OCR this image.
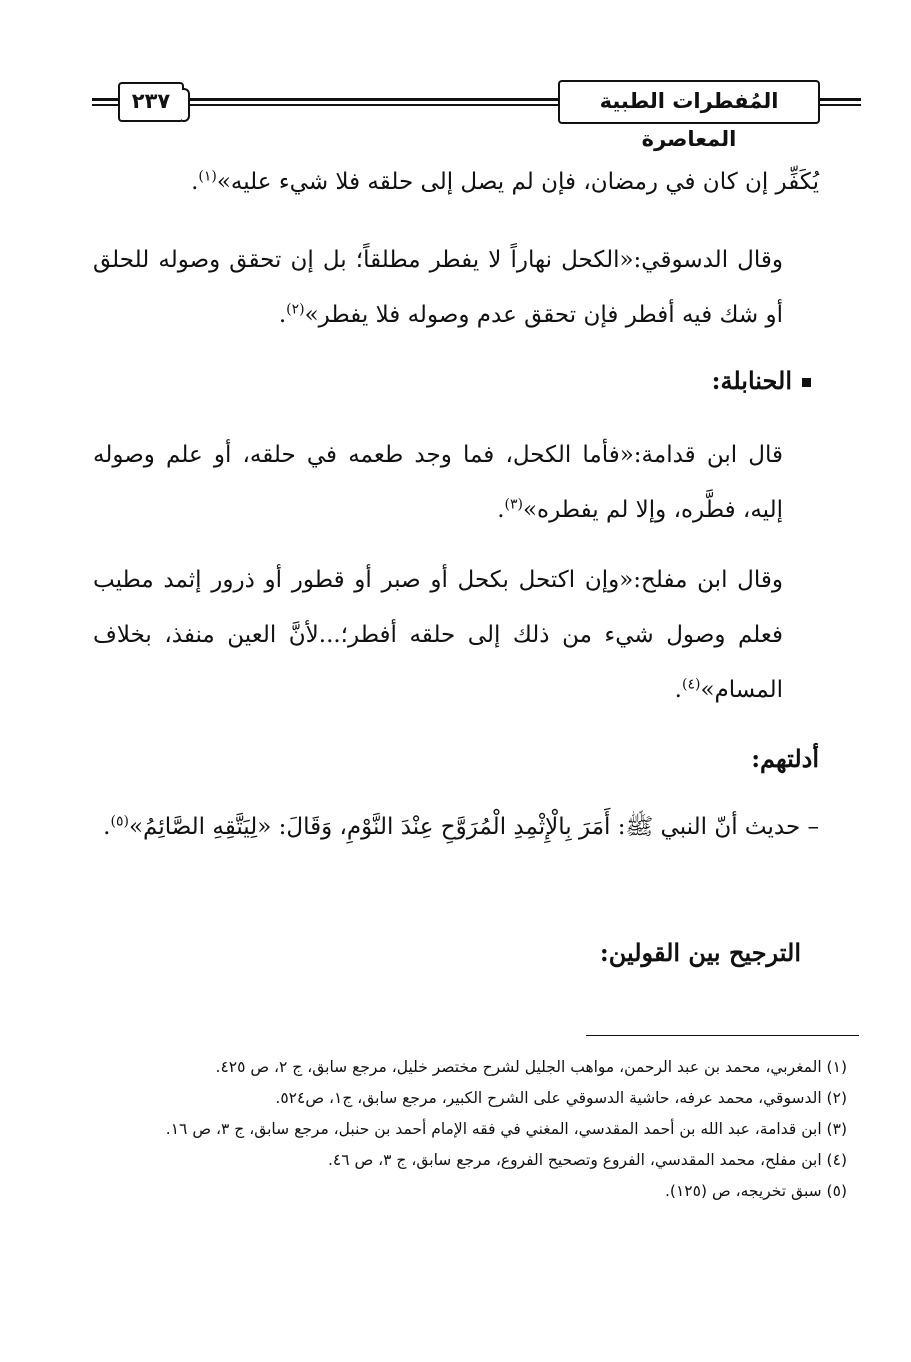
٢٣٧	المُفطرات الطبية المعاصرة

يُكَفِّر إن كان في رمضان، فإن لم يصل إلى حلقه فلا شيء عليه»$^{(١)}$.

وقال الدسوقي:«الكحل نهاراً لا يفطر مطلقاً؛ بل إن تحقق وصوله للحلق أو شك فيه أفطر فإن تحقق عدم وصوله فلا يفطر»$^{(٢)}$.

الحنابلة:

قال ابن قدامة:«فأما الكحل، فما وجد طعمه في حلقه، أو علم وصوله إليه، فطَّره، وإلا لم يفطره»$^{(٣)}$.

وقال ابن مفلح:«وإن اكتحل بكحل أو صبر أو قطور أو ذرور إثمد مطيب فعلم وصول شيء من ذلك إلى حلقه أفطر؛...لأنَّ العين منفذ، بخلاف المسام»$^{(٤)}$.

أدلتهم:

– حديث أنّ النبي ﷺ: أَمَرَ بِالْإِثْمِدِ الْمُرَوَّحِ عِنْدَ النَّوْمِ، وَقَالَ: «لِيَتَّقِهِ الصَّائِمُ»$^{(٥)}$.

الترجيح بين القولين:
(١) المغربي، محمد بن عبد الرحمن، مواهب الجليل لشرح مختصر خليل، مرجع سابق، ج ٢، ص ٤٢٥.
(٢) الدسوقي، محمد عرفه، حاشية الدسوقي على الشرح الكبير، مرجع سابق، ج١، ص٥٢٤.
(٣) ابن قدامة، عبد الله بن أحمد المقدسي، المغني في فقه الإمام أحمد بن حنبل، مرجع سابق، ج ٣، ص ١٦.
(٤) ابن مفلح، محمد المقدسي، الفروع وتصحيح الفروع، مرجع سابق، ج ٣، ص ٤٦.
(٥) سبق تخريجه، ص (١٢٥).
